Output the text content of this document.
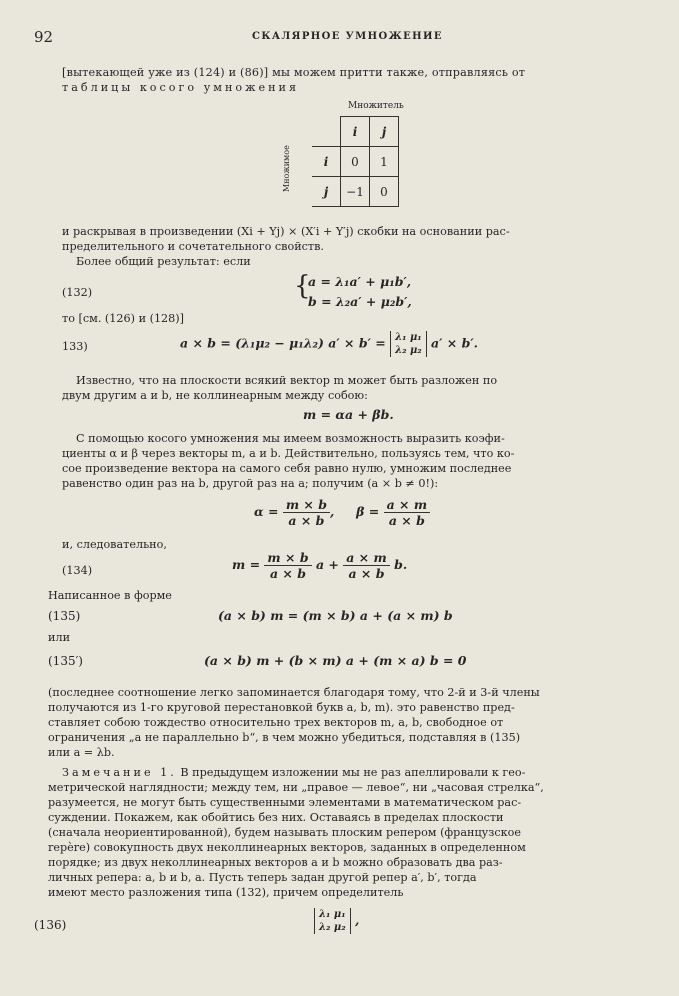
92	СКАЛЯРНОЕ УМНОЖЕНИЕ
[вытекающей уже из (124) и (86)] мы можем притти также, отправляясь от
таблицы косого умножения
Множитель
Множимое
	i	j
i	0	1
j	−1	0
и раскрывая в произведении (Xi + Yj) × (X′i + Y′j) скобки на основании рас-
пределительного и сочетательного свойств.
Более общий результат: если
(132)	{
a = λ₁a′ + μ₁b′,
b = λ₂a′ + μ₂b′,
то [см. (126) и (128)]
133)	a × b = (λ₁μ₂ − μ₁λ₂) a′ × b′ = λ₁ μ₁
λ₂ μ₂ a′ × b′.
Известно, что на плоскости всякий вектор m может быть разложен по
двум другим a и b, не коллинеарным между собою:
m = αa + βb.
С помощью косого умножения мы имеем возможность выразить коэфи-
циенты α и β через векторы m, a и b. Действительно, пользуясь тем, что ко-
сое произведение вектора на самого себя равно нулю, умножим последнее
равенство один раз на b, другой раз на a; получим (a × b ≠ 0!):
$\alpha = \frac{m \times b}{a \times b}$ , $\beta = \frac{a \times m}{a \times b}$
и, следовательно,
(134)	$m = \frac{m \times b}{a \times b}$ $a + \frac{a \times m}{a \times b} b$.
Написанное в форме
(135)	(a × b) m = (m × b) a + (a × m) b
или
(135′)	(a × b) m + (b × m) a + (m × a) b = 0
(последнее соотношение легко запоминается благодаря тому, что 2-й и 3-й члены
получаются из 1-го круговой перестановкой букв a, b, m). это равенство пред-
ставляет собою тождество относительно трех векторов m, a, b, свободное от
ограничения „a не параллельно b“, в чем можно убедиться, подставляя в (135)
или a = λb.
Замечание 1. В предыдущем изложении мы не раз апеллировали к гео-
метрической наглядности; между тем, ни „правое — левое“, ни „часовая стрелка“,
разумеется, не могут быть существенными элементами в математическом рас-
суждении. Покажем, как обойтись без них. Оставаясь в пределах плоскости
(сначала неориентированной), будем называть плоским репером (французское
repère) совокупность двух неколлинеарных векторов, заданных в определенном
порядке; из двух неколлинеарных векторов a и b можно образовать два раз-
личных репера: a, b и b, a. Пусть теперь задан другой репер a′, b′, тогда
имеют место разложения типа (132), причем определитель
(136)
λ₁ μ₁
λ₂ μ₂ ,
